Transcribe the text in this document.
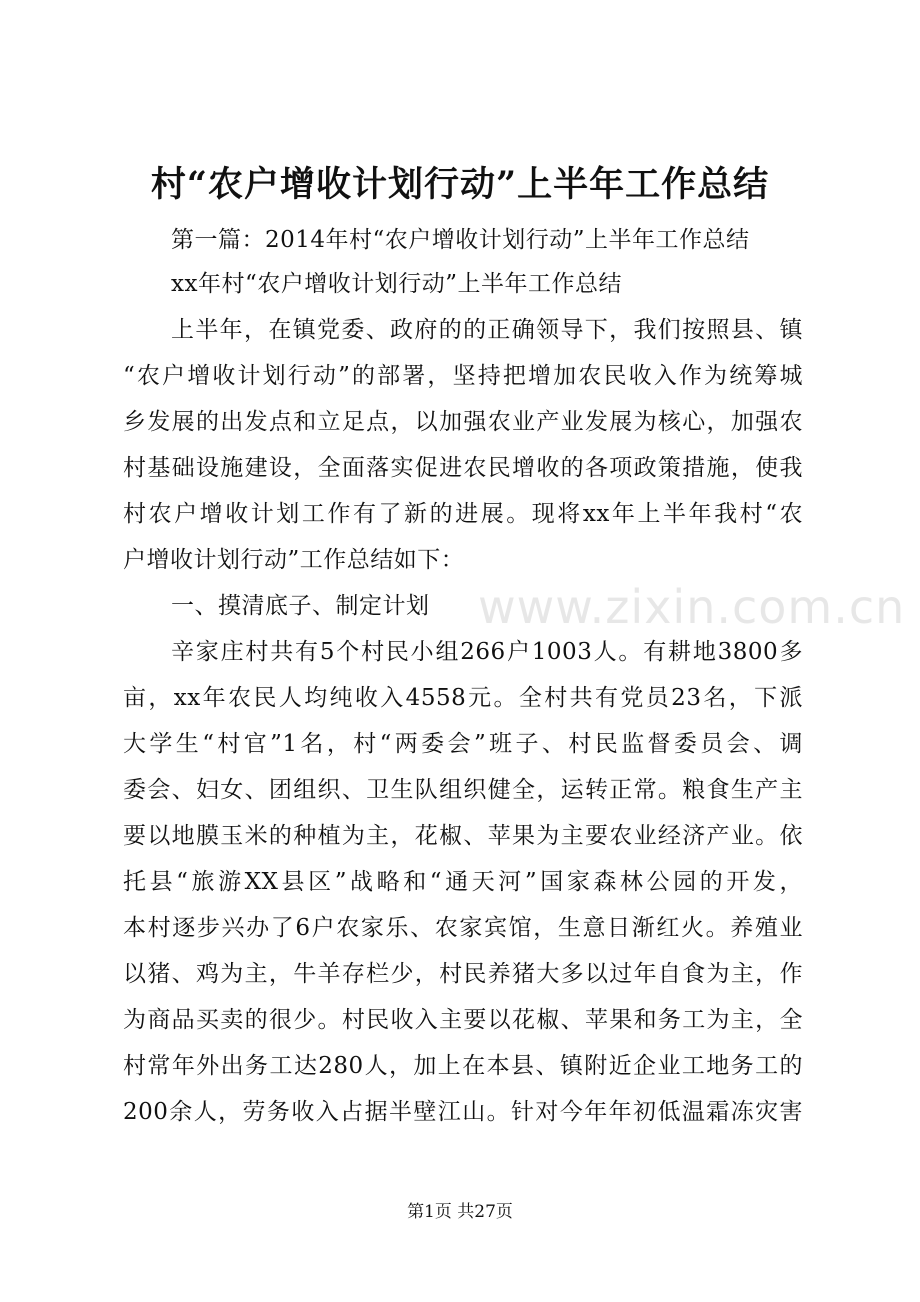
村“农户增收计划行动”上半年工作总结
第一篇：2014年村“农户增收计划行动”上半年工作总结
xx年村“农户增收计划行动”上半年工作总结
上半年，在镇党委、政府的的正确领导下，我们按照县、镇
“农户增收计划行动”的部署，坚持把增加农民收入作为统筹城
乡发展的出发点和立足点，以加强农业产业发展为核心，加强农
村基础设施建设，全面落实促进农民增收的各项政策措施，使我
村农户增收计划工作有了新的进展。现将xx年上半年我村“农
户增收计划行动”工作总结如下：
一、摸清底子、制定计划
辛家庄村共有5个村民小组266户1003人。有耕地3800多
亩，xx年农民人均纯收入4558元。全村共有党员23名，下派
大学生“村官”1名，村“两委会”班子、村民监督委员会、调
委会、妇女、团组织、卫生队组织健全，运转正常。粮食生产主
要以地膜玉米的种植为主，花椒、苹果为主要农业经济产业。依
托县“旅游XX县区”战略和“通天河”国家森林公园的开发，
本村逐步兴办了6户农家乐、农家宾馆，生意日渐红火。养殖业
以猪、鸡为主，牛羊存栏少，村民养猪大多以过年自食为主，作
为商品买卖的很少。村民收入主要以花椒、苹果和务工为主，全
村常年外出务工达280人，加上在本县、镇附近企业工地务工的
200余人，劳务收入占据半壁江山。针对今年年初低温霜冻灾害
www.zixin.com.cn
第1页 共27页
